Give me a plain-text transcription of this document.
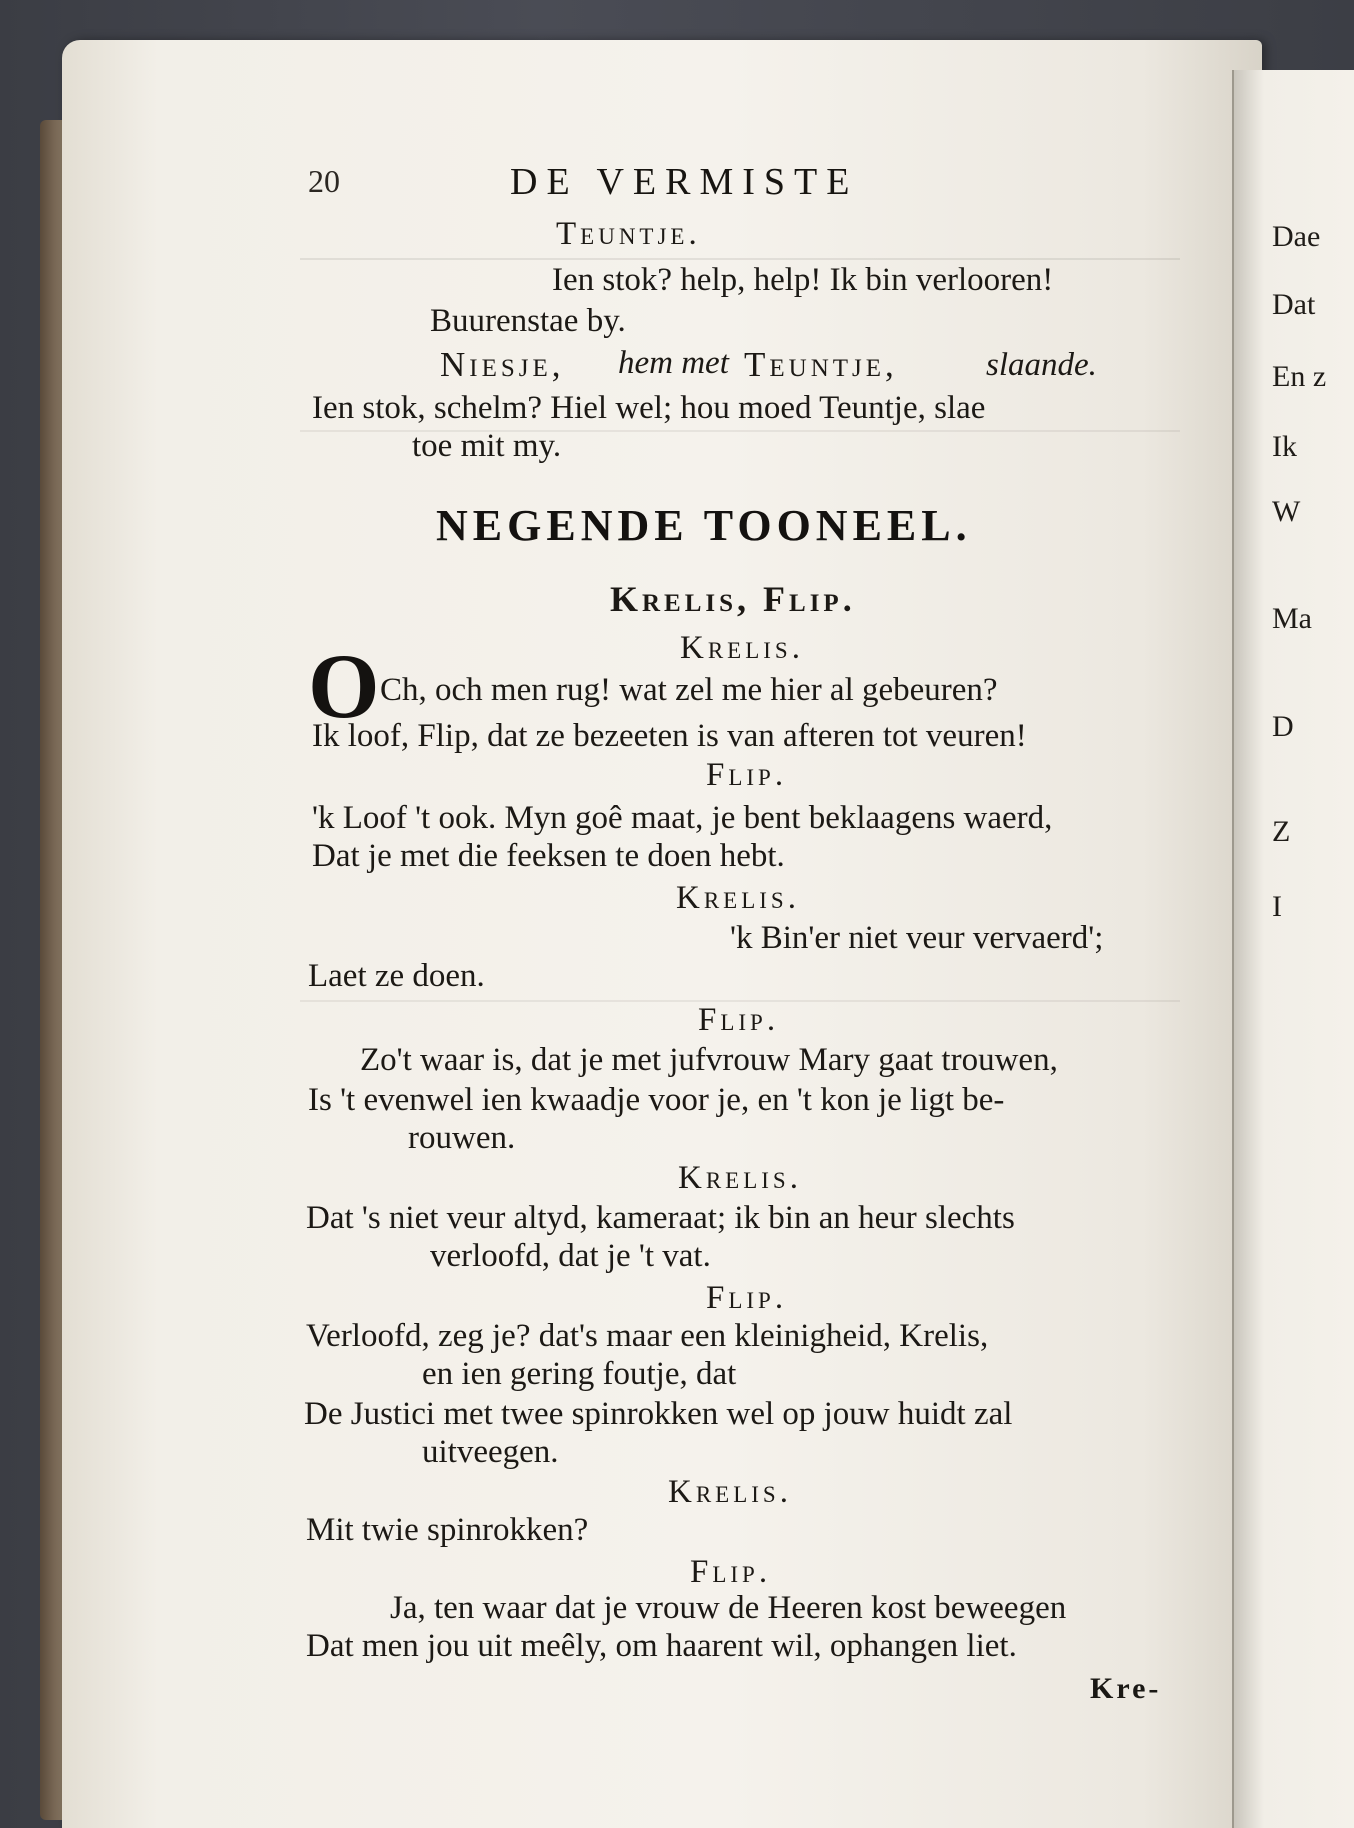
Dae
Dat
En z
Ik
W
Ma
D
Z
I
20	DE VERMISTE
Teuntje.
Ien stok? help, help! Ik bin verlooren!
Buurenstae by.
Niesje, hem met Teuntje,	slaande.
Ien stok, schelm? Hiel wel; hou moed Teuntje, slae
toe mit my.
NEGENDE TOONEEL.
Krelis, Flip.
Krelis.
O Ch, och men rug! wat zel me hier al gebeuren?
Ik loof, Flip, dat ze bezeeten is van afteren tot veuren!
Flip.
'k Loof 't ook. Myn goê maat, je bent beklaagens waerd,
Dat je met die feeksen te doen hebt.
Krelis.
'k Bin'er niet veur vervaerd';
Laet ze doen.
Flip.
Zo't waar is, dat je met jufvrouw Mary gaat trouwen,
Is 't evenwel ien kwaadje voor je, en 't kon je ligt be-
rouwen.
Krelis.
Dat 's niet veur altyd, kameraat; ik bin an heur slechts
verloofd, dat je 't vat.
Flip.
Verloofd, zeg je? dat's maar een kleinigheid, Krelis,
en ien gering foutje, dat
De Justici met twee spinrokken wel op jouw huidt zal
uitveegen.
Krelis.
Mit twie spinrokken?
Flip.
Ja, ten waar dat je vrouw de Heeren kost beweegen
Dat men jou uit meêly, om haarent wil, ophangen liet.
Kre-
